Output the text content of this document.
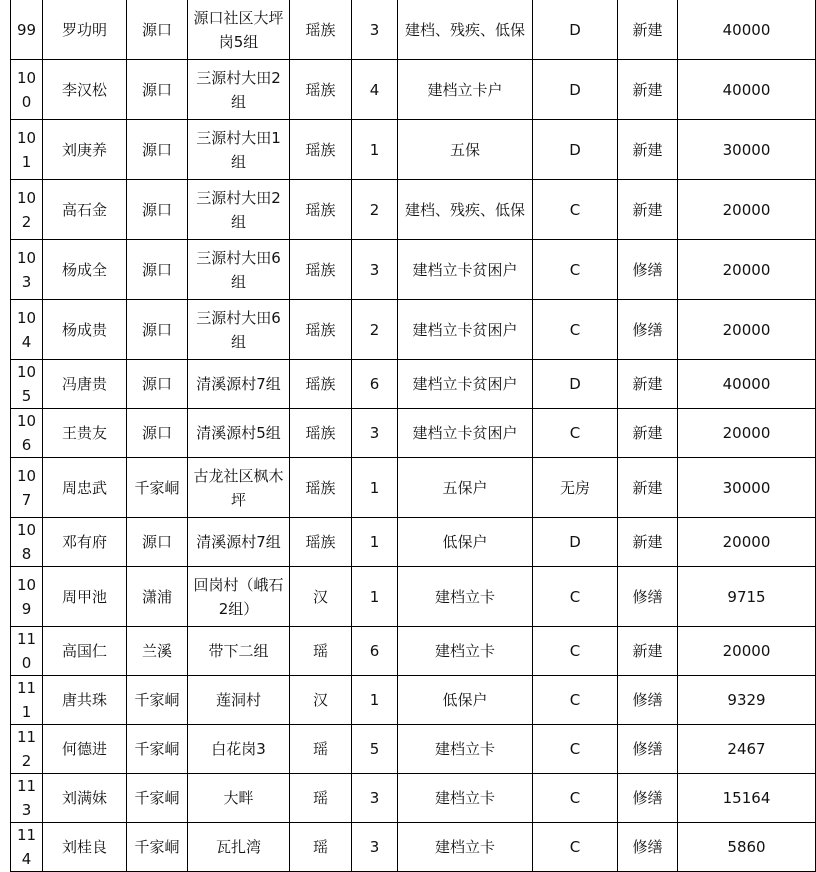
99	罗功明	源口	源口社区大坪岗5组	瑶族	3	建档、残疾、低保	D	新建	40000
100	李汉松	源口	三源村大田2组	瑶族	4	建档立卡户	D	新建	40000
101	刘庚养	源口	三源村大田1组	瑶族	1	五保	D	新建	30000
102	高石金	源口	三源村大田2组	瑶族	2	建档、残疾、低保	C	新建	20000
103	杨成全	源口	三源村大田6组	瑶族	3	建档立卡贫困户	C	修缮	20000
104	杨成贵	源口	三源村大田6组	瑶族	2	建档立卡贫困户	C	修缮	20000
105	冯唐贵	源口	清溪源村7组	瑶族	6	建档立卡贫困户	D	新建	40000
106	王贵友	源口	清溪源村5组	瑶族	3	建档立卡贫困户	C	新建	20000
107	周忠武	千家峒	古龙社区枫木坪	瑶族	1	五保户	无房	新建	30000
108	邓有府	源口	清溪源村7组	瑶族	1	低保户	D	新建	20000
109	周甲池	潇浦	回岗村（峨石2组）	汉	1	建档立卡	C	修缮	9715
110	高国仁	兰溪	带下二组	瑶	6	建档立卡	C	新建	20000
111	唐共珠	千家峒	莲洞村	汉	1	低保户	C	修缮	9329
112	何德进	千家峒	白花岗3	瑶	5	建档立卡	C	修缮	2467
113	刘满妹	千家峒	大畔	瑶	3	建档立卡	C	修缮	15164
114	刘桂良	千家峒	瓦扎湾	瑶	3	建档立卡	C	修缮	5860
